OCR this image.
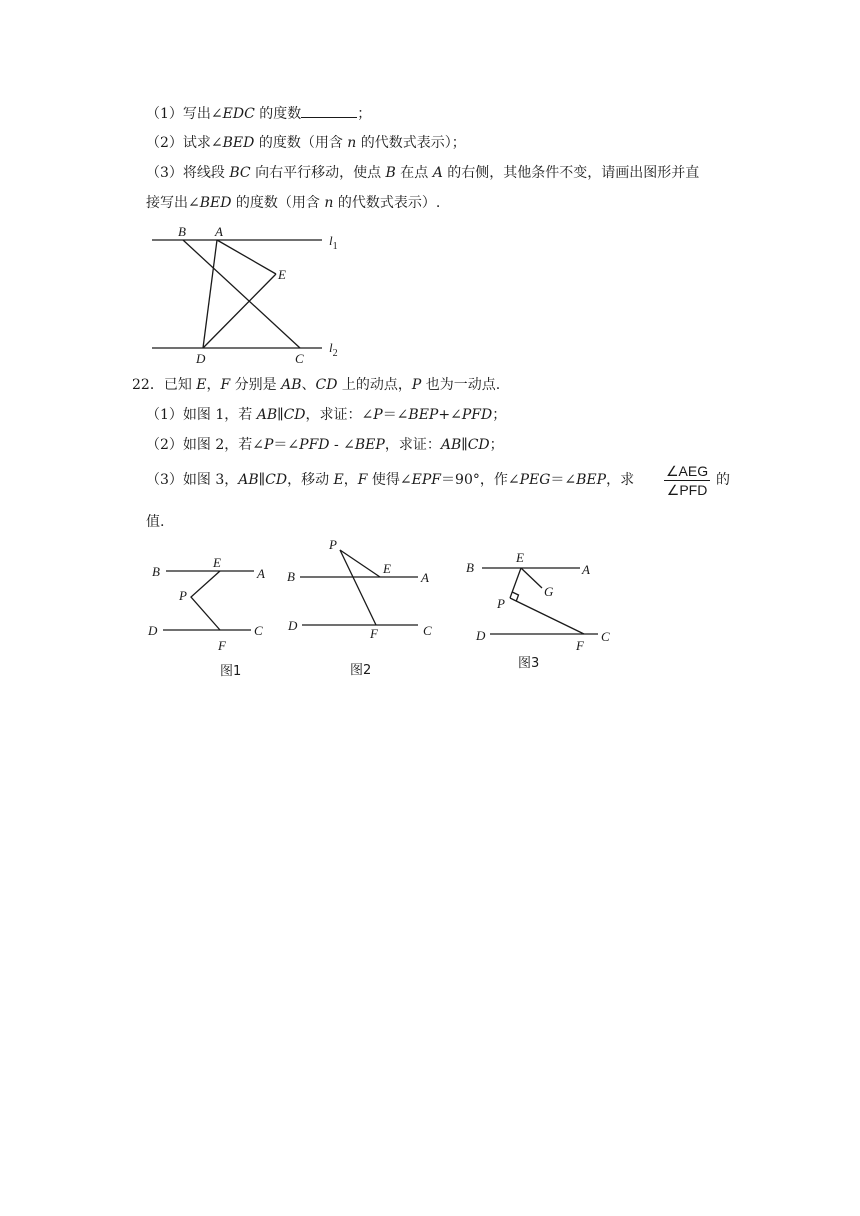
（1）写出∠EDC 的度数	；
（2）试求∠BED 的度数（用含 n 的代数式表示）；
（3）将线段 BC 向右平行移动，使点 B 在点 A 的右侧，其他条件不变，请画出图形并直
接写出∠BED 的度数（用含 n 的代数式表示）.
B A
E
D	C
$l_1$
$l_2$
22．已知 E，F 分别是 AB、CD 上的动点，P 也为一动点.
（1）如图 1，若 AB∥CD，求证：∠P＝∠BEP+∠PFD；
（2）如图 2，若∠P＝∠PFD - ∠BEP，求证：AB∥CD；
（3）如图 3，AB∥CD，移动 E，F 使得∠EPF＝90°，作∠PEG＝∠BEP，求
∠AEG
∠PFD
的
值.
B
E
A
P
D
F
C
图1
P
B
E
A
D
F	C
图2
B
E
A
P
G
D
F
C
图3
